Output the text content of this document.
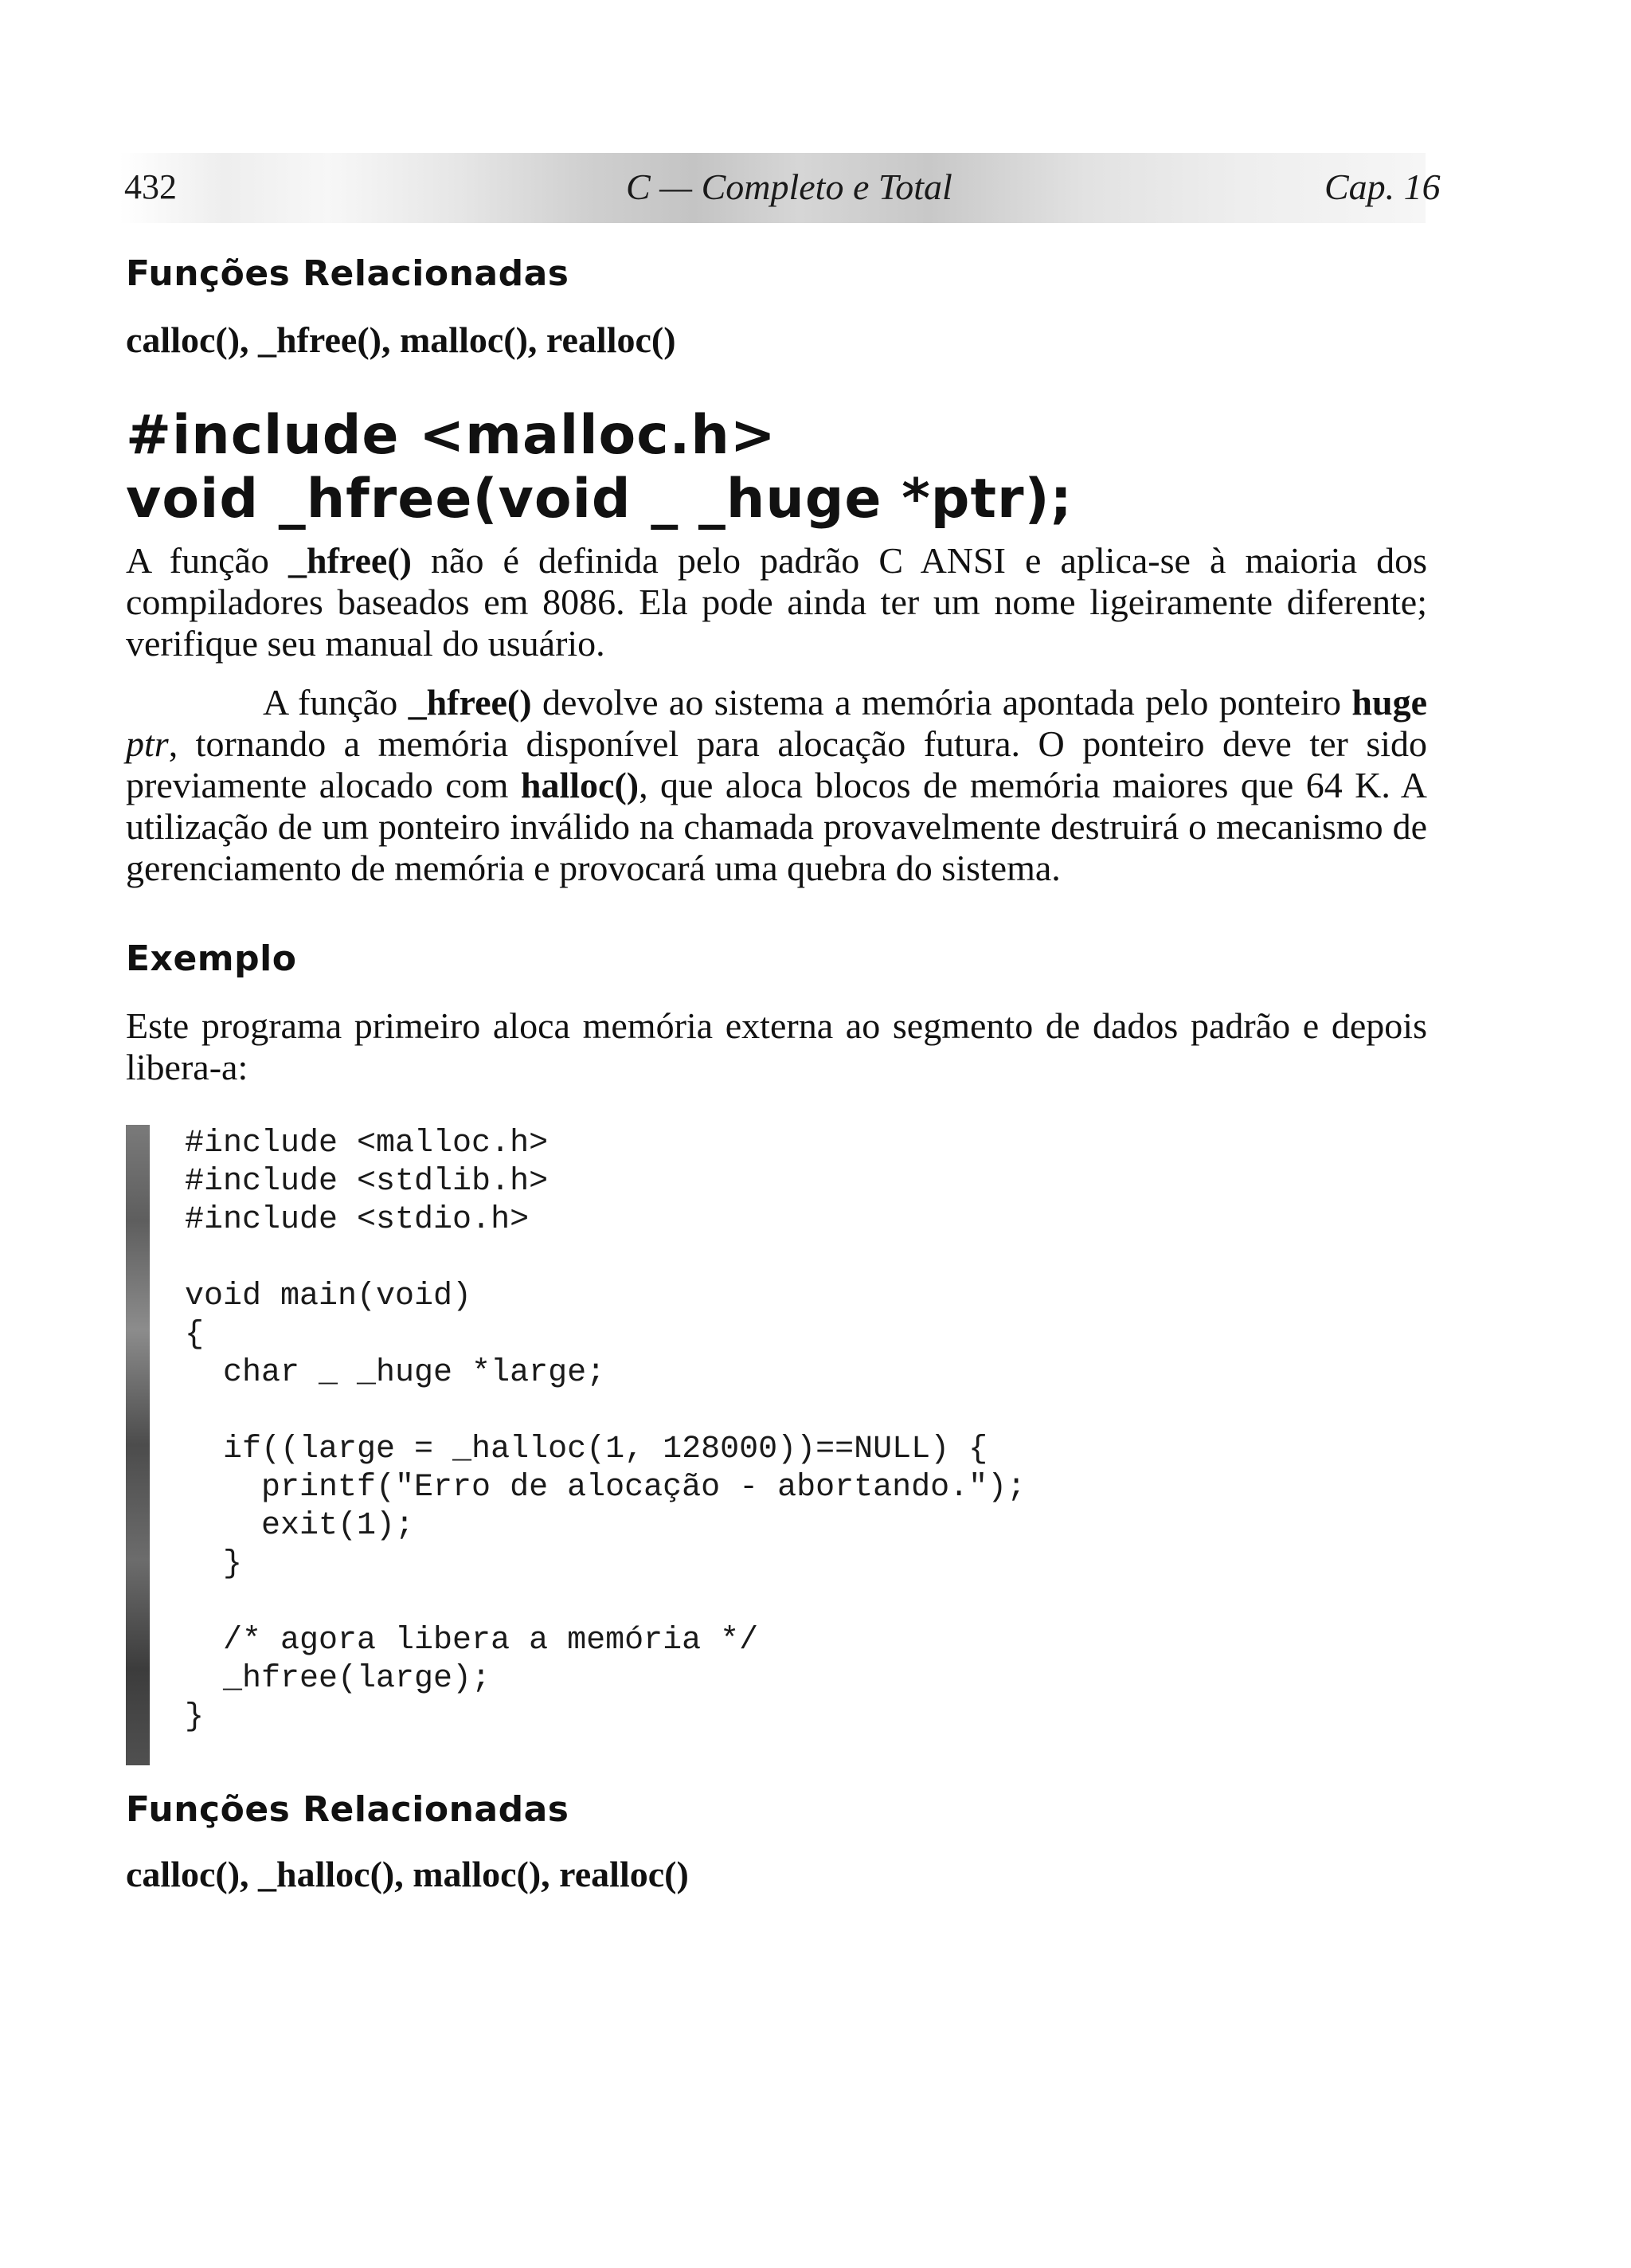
432	C — Completo e Total	Cap. 16
Funções Relacionadas

calloc(), _hfree(), malloc(), realloc()

#include <malloc.h>
void _hfree(void _ _huge *ptr);

A função _hfree() não é definida pelo padrão C ANSI e aplica-se à maioria dos compiladores baseados em 8086. Ela pode ainda ter um nome ligeiramente diferente; verifique seu manual do usuário.

A função _hfree() devolve ao sistema a memória apontada pelo ponteiro huge ptr, tornando a memória disponível para alocação futura. O ponteiro deve ter sido previamente alocado com halloc(), que aloca blocos de memória maiores que 64 K. A utilização de um ponteiro inválido na chamada provavelmente destruirá o mecanismo de gerenciamento de memória e provocará uma quebra do sistema.

Exemplo

Este programa primeiro aloca memória externa ao segmento de dados padrão e depois libera-a:

#include <malloc.h>
#include <stdlib.h>
#include <stdio.h>

void main(void)
{
char _ _huge *large;

if((large = _halloc(1, 128000))==NULL) {
printf("Erro de alocação - abortando.");
exit(1);
}

/* agora libera a memória */
_hfree(large);
}
Funções Relacionadas

calloc(), _halloc(), malloc(), realloc()
